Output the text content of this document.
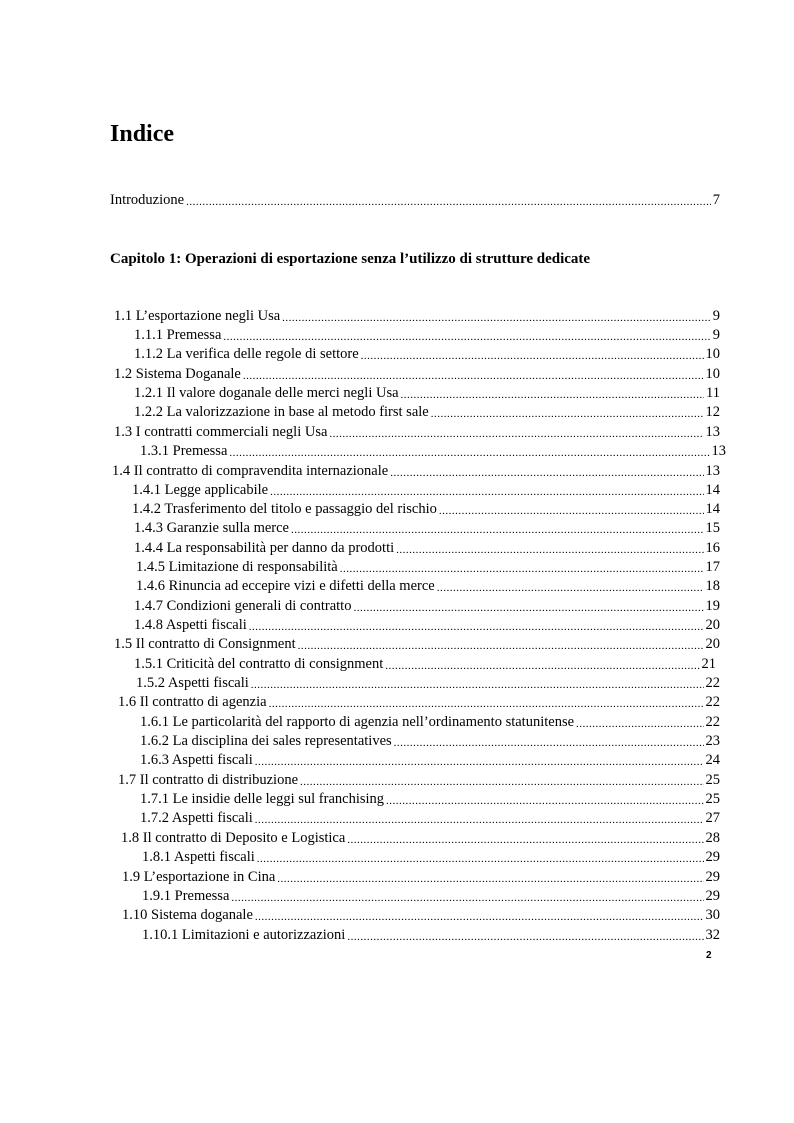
Indice
Introduzione .....	7
Capitolo 1: Operazioni di esportazione senza l’utilizzo di strutture dedicate
1.1 L’esportazione negli Usa .....	9
1.1.1 Premessa .....	9
1.1.2 La verifica delle regole di settore .....	10
1.2 Sistema Doganale .....	10
1.2.1 Il valore doganale delle merci negli Usa .....	11
1.2.2 La valorizzazione in base al metodo first sale .....	12
1.3 I contratti commerciali negli Usa .....	13
1.3.1 Premessa .....	13
1.4 Il contratto di compravendita internazionale .....	13
1.4.1 Legge applicabile .....	14
1.4.2 Trasferimento del titolo e passaggio del rischio .....	14
1.4.3 Garanzie sulla merce .....	15
1.4.4 La responsabilità per danno da prodotti .....	16
1.4.5 Limitazione di responsabilità .....	17
1.4.6 Rinuncia ad eccepire vizi e difetti della merce .....	18
1.4.7 Condizioni generali di contratto .....	19
1.4.8 Aspetti fiscali .....	20
1.5 Il contratto di Consignment .....	20
1.5.1 Criticità del contratto di consignment .....	21
1.5.2 Aspetti fiscali .....	22
1.6 Il contratto di agenzia .....	22
1.6.1 Le particolarità del rapporto di agenzia nell’ordinamento statunitense .....	22
1.6.2 La disciplina dei sales representatives .....	23
1.6.3 Aspetti fiscali .....	24
1.7 Il contratto di distribuzione .....	25
1.7.1 Le insidie delle leggi sul franchising .....	25
1.7.2 Aspetti fiscali .....	27
1.8 Il contratto di Deposito e Logistica .....	28
1.8.1 Aspetti fiscali .....	29
1.9 L’esportazione in Cina .....	29
1.9.1 Premessa .....	29
1.10 Sistema doganale .....	30
1.10.1 Limitazioni e autorizzazioni .....	32
2
